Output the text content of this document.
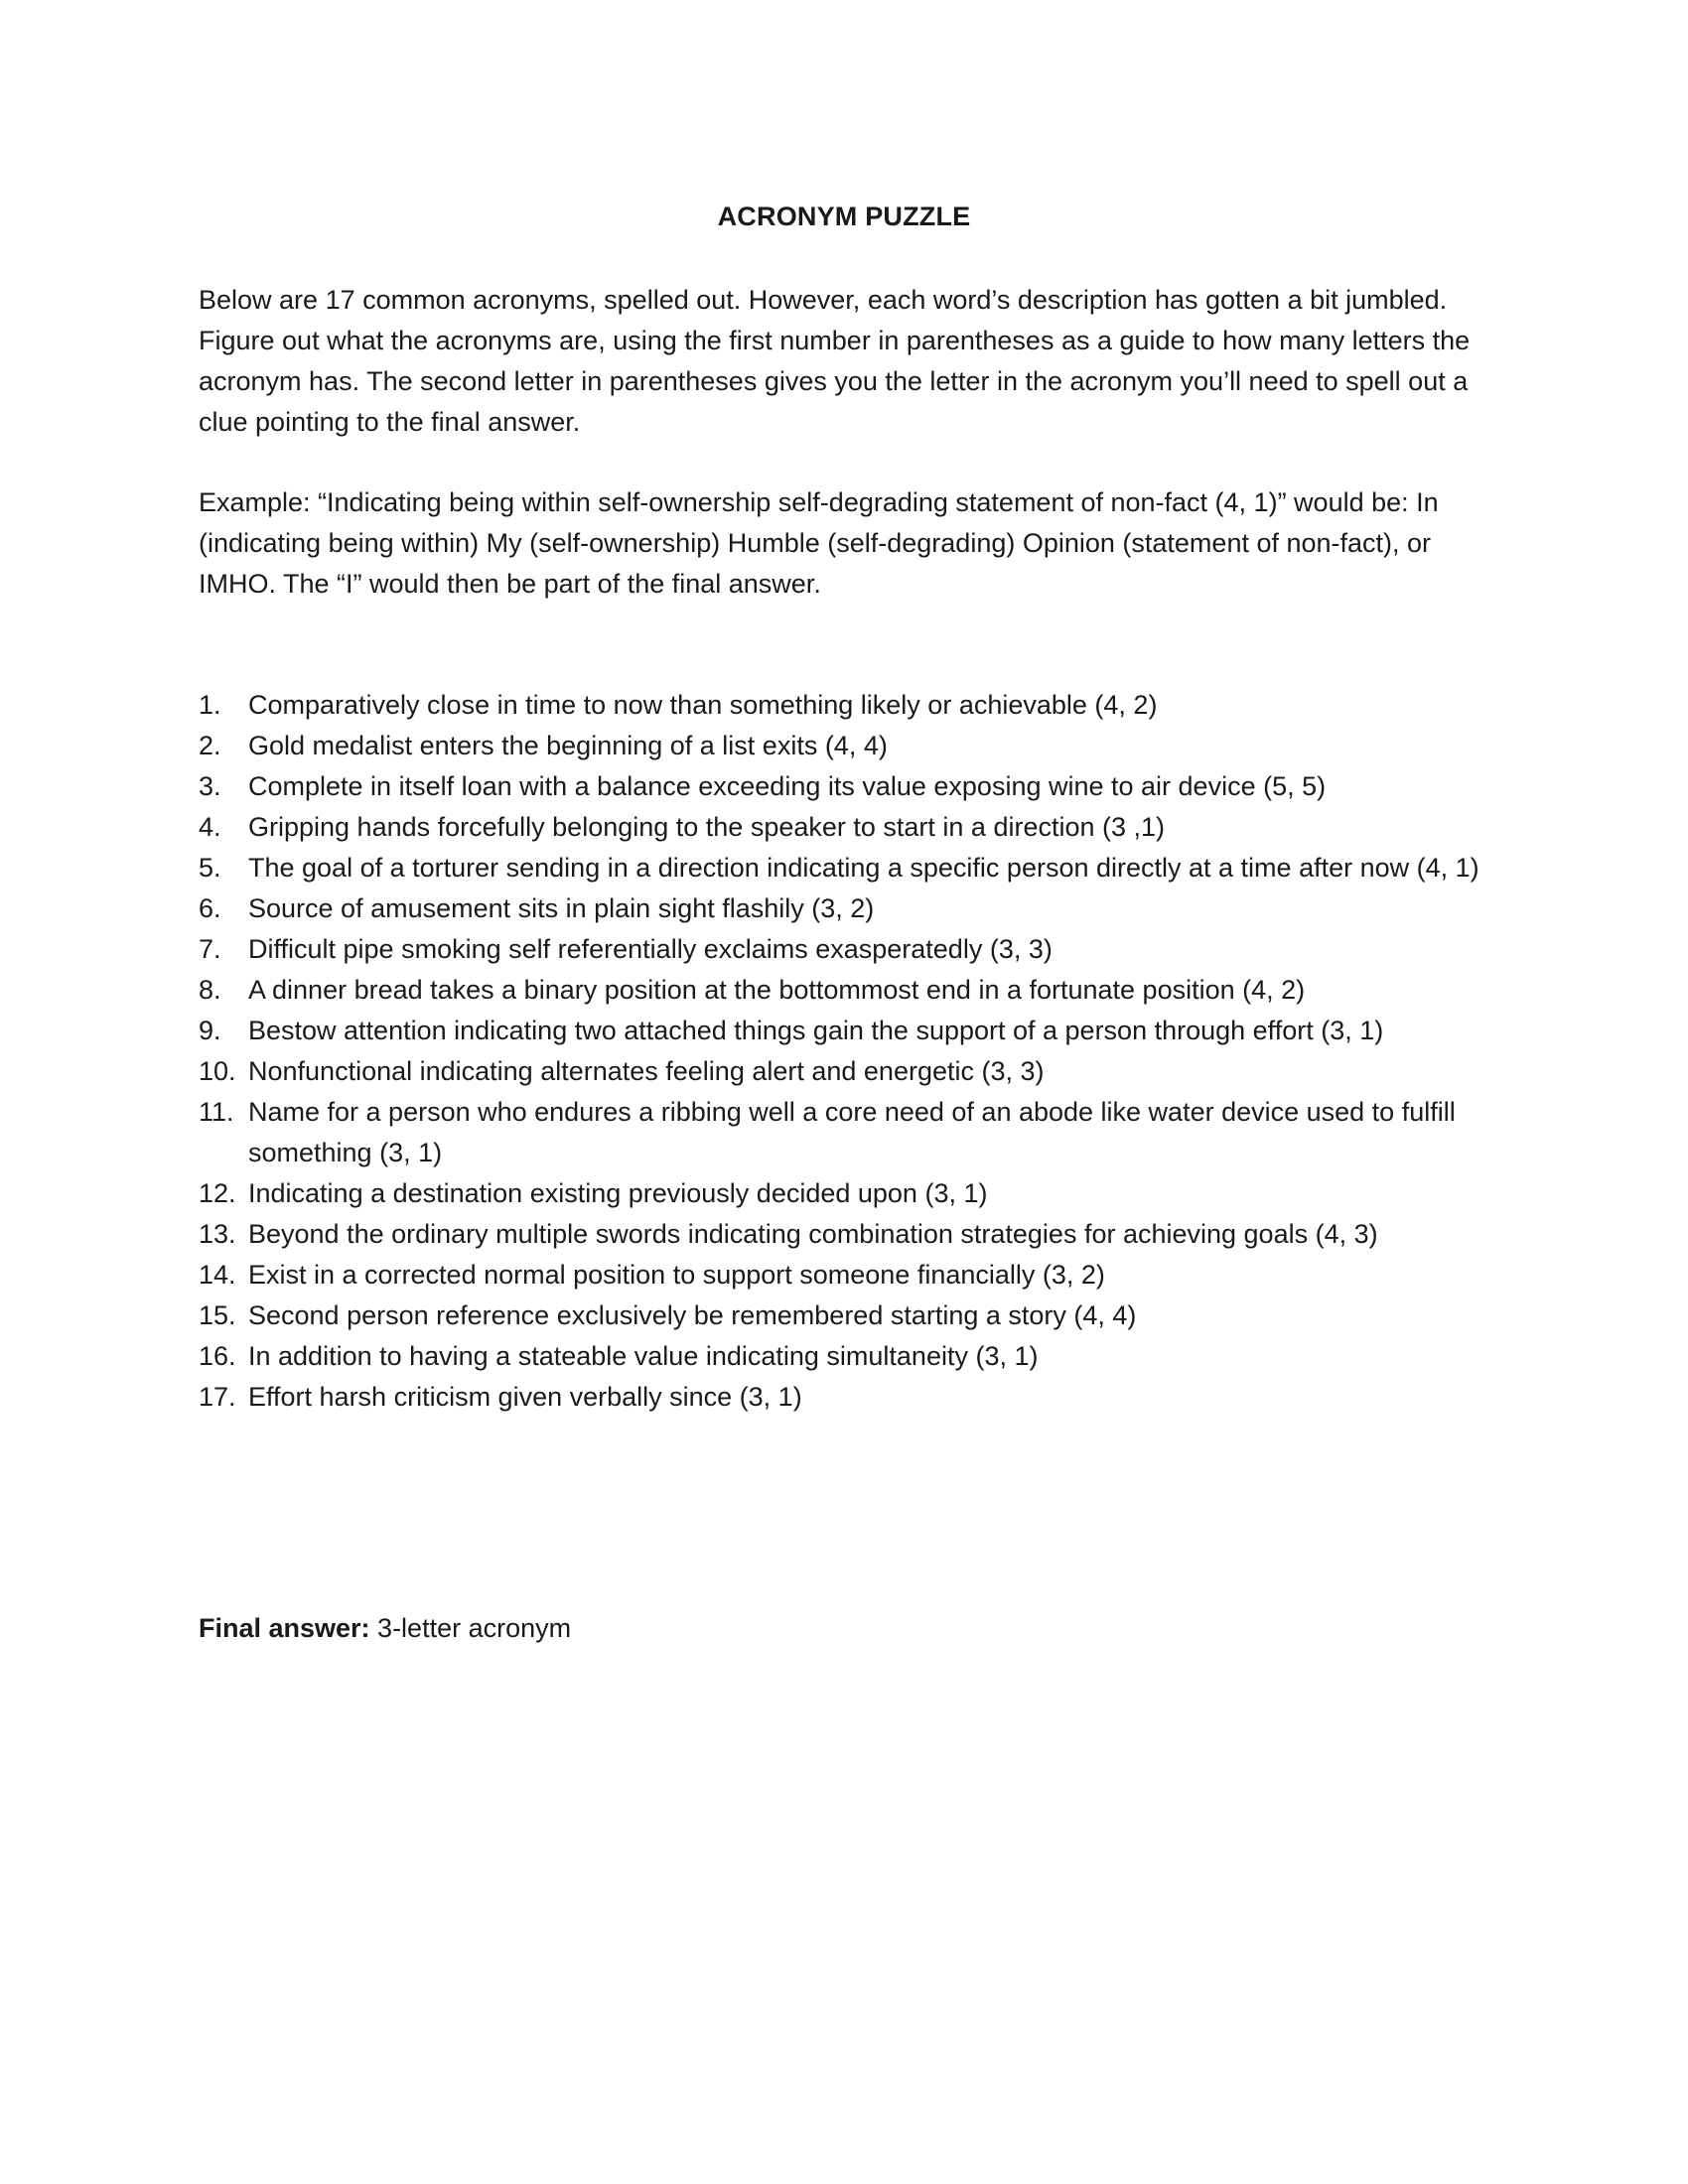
ACRONYM PUZZLE
Below are 17 common acronyms, spelled out. However, each word’s description has gotten a bit jumbled. Figure out what the acronyms are, using the first number in parentheses as a guide to how many letters the acronym has. The second letter in parentheses gives you the letter in the acronym you’ll need to spell out a clue pointing to the final answer.
Example: “Indicating being within self-ownership self-degrading statement of non-fact (4, 1)” would be: In (indicating being within) My (self-ownership) Humble (self-degrading) Opinion (statement of non-fact), or IMHO. The “I” would then be part of the final answer.
1.	Comparatively close in time to now than something likely or achievable (4, 2)
2.	Gold medalist enters the beginning of a list exits (4, 4)
3.	Complete in itself loan with a balance exceeding its value exposing wine to air device (5, 5)
4.	Gripping hands forcefully belonging to the speaker to start in a direction (3 ,1)
5.	The goal of a torturer sending in a direction indicating a specific person directly at a time after now (4, 1)
6.	Source of amusement sits in plain sight flashily (3, 2)
7.	Difficult pipe smoking self referentially exclaims exasperatedly (3, 3)
8.	A dinner bread takes a binary position at the bottommost end in a fortunate position (4, 2)
9.	Bestow attention indicating two attached things gain the support of a person through effort (3, 1)
10. Nonfunctional indicating alternates feeling alert and energetic (3, 3)
11. Name for a person who endures a ribbing well a core need of an abode like water device used to fulfill something (3, 1)
12. Indicating a destination existing previously decided upon (3, 1)
13. Beyond the ordinary multiple swords indicating combination strategies for achieving goals (4, 3)
14. Exist in a corrected normal position to support someone financially (3, 2)
15. Second person reference exclusively be remembered starting a story (4, 4)
16. In addition to having a stateable value indicating simultaneity (3, 1)
17. Effort harsh criticism given verbally since (3, 1)
Final answer: 3-letter acronym
